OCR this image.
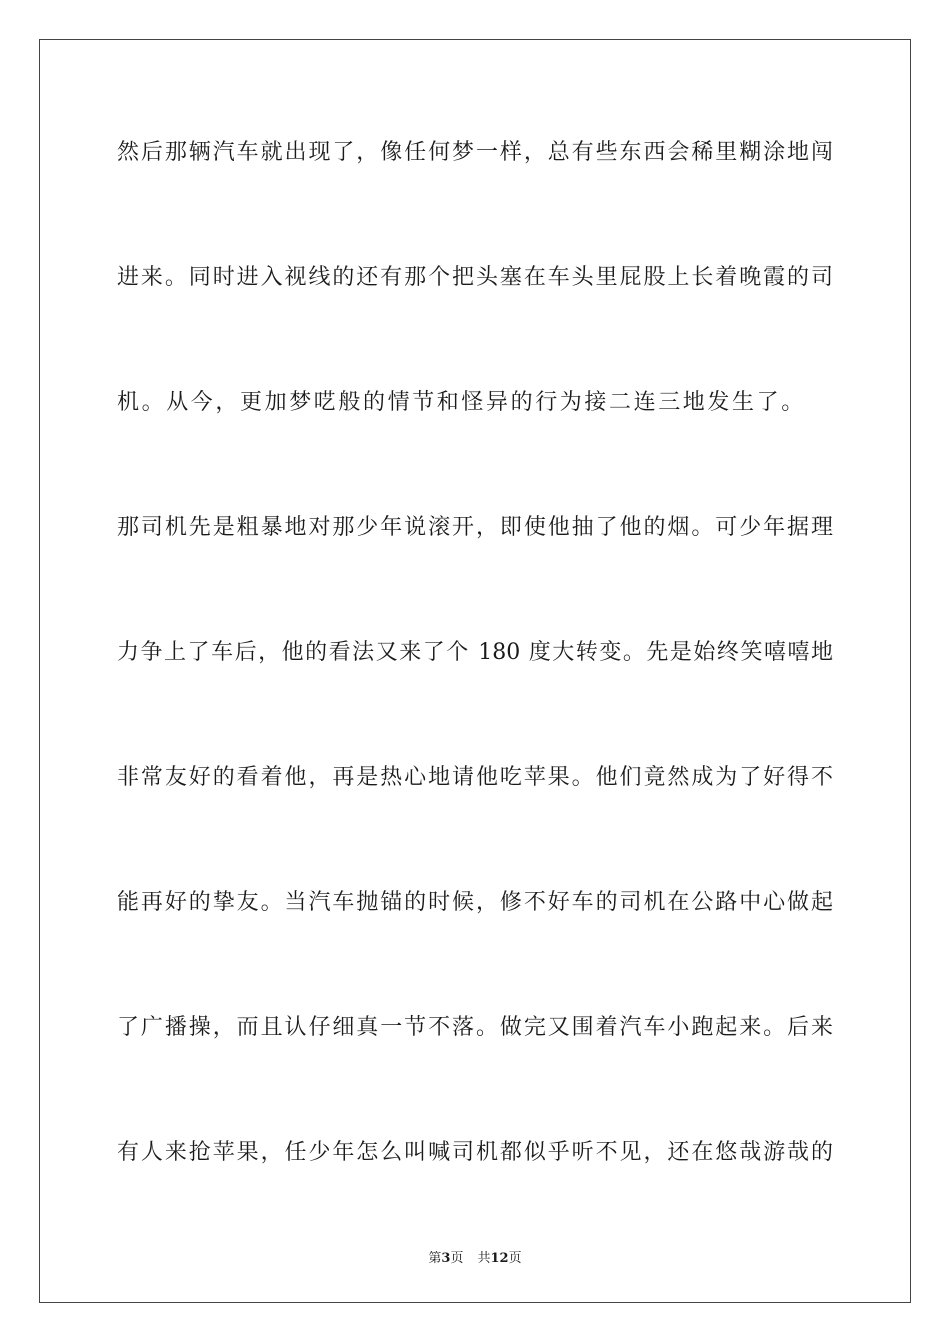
然后那辆汽车就出现了，像任何梦一样，总有些东西会稀里糊涂地闯
进来。同时进入视线的还有那个把头塞在车头里屁股上长着晚霞的司
机。从今，更加梦呓般的情节和怪异的行为接二连三地发生了。
那司机先是粗暴地对那少年说滚开，即使他抽了他的烟。可少年据理
力争上了车后，他的看法又来了个 180 度大转变。先是始终笑嘻嘻地
非常友好的看着他，再是热心地请他吃苹果。他们竟然成为了好得不
能再好的挚友。当汽车抛锚的时候，修不好车的司机在公路中心做起
了广播操，而且认仔细真一节不落。做完又围着汽车小跑起来。后来
有人来抢苹果，任少年怎么叫喊司机都似乎听不见，还在悠哉游哉的
第3页 共12页
